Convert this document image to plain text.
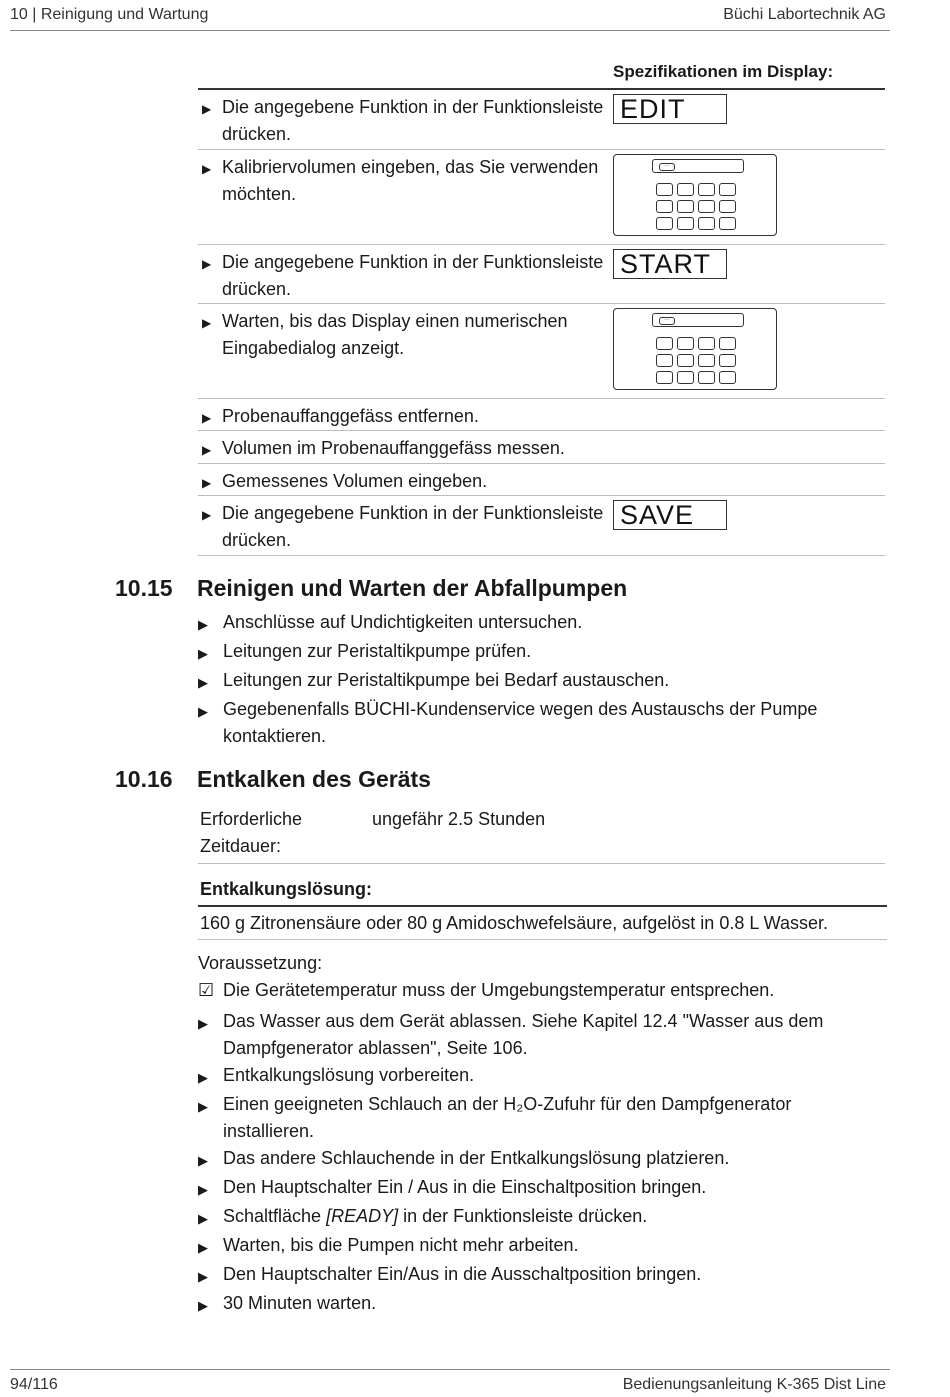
10 | Reinigung und Wartung	Büchi Labortechnik AG
Spezifikationen im Display:
▶ Die angegebene Funktion in der Funktionsleiste drücken.
EDIT
▶ Kalibriervolumen eingeben, das Sie verwenden möchten.
···
▶ Die angegebene Funktion in der Funktionsleiste drücken.
START
▶ Warten, bis das Display einen numerischen Eingabedialog anzeigt.
···
▶ Probenauffanggefäss entfernen.
▶ Volumen im Probenauffanggefäss messen.
▶ Gemessenes Volumen eingeben.
▶ Die angegebene Funktion in der Funktionsleiste drücken.
SAVE
10.15 Reinigen und Warten der Abfallpumpen
▶ Anschlüsse auf Undichtigkeiten untersuchen.
▶ Leitungen zur Peristaltikpumpe prüfen.
▶ Leitungen zur Peristaltikpumpe bei Bedarf austauschen.
▶ Gegebenenfalls BÜCHI-Kundenservice wegen des Austauschs der Pumpe kontaktieren.
10.16 Entkalken des Geräts
Erforderliche Zeitdauer:
ungefähr 2.5 Stunden
Entkalkungslösung:
160 g Zitronensäure oder 80 g Amidoschwefelsäure, aufgelöst in 0.8 L Wasser.
Voraussetzung:
☑ Die Gerätetemperatur muss der Umgebungstemperatur entsprechen.
▶ Das Wasser aus dem Gerät ablassen. Siehe Kapitel 12.4 "Wasser aus dem Dampfgenerator ablassen", Seite 106.
▶ Entkalkungslösung vorbereiten.
▶ Einen geeigneten Schlauch an der H₂O-Zufuhr für den Dampfgenerator installieren.
▶ Das andere Schlauchende in der Entkalkungslösung platzieren.
▶ Den Hauptschalter Ein / Aus in die Einschaltposition bringen.
▶ Schaltfläche [READY] in der Funktionsleiste drücken.
▶ Warten, bis die Pumpen nicht mehr arbeiten.
▶ Den Hauptschalter Ein/Aus in die Ausschaltposition bringen.
▶ 30 Minuten warten.
94/116	Bedienungsanleitung K-365 Dist Line
